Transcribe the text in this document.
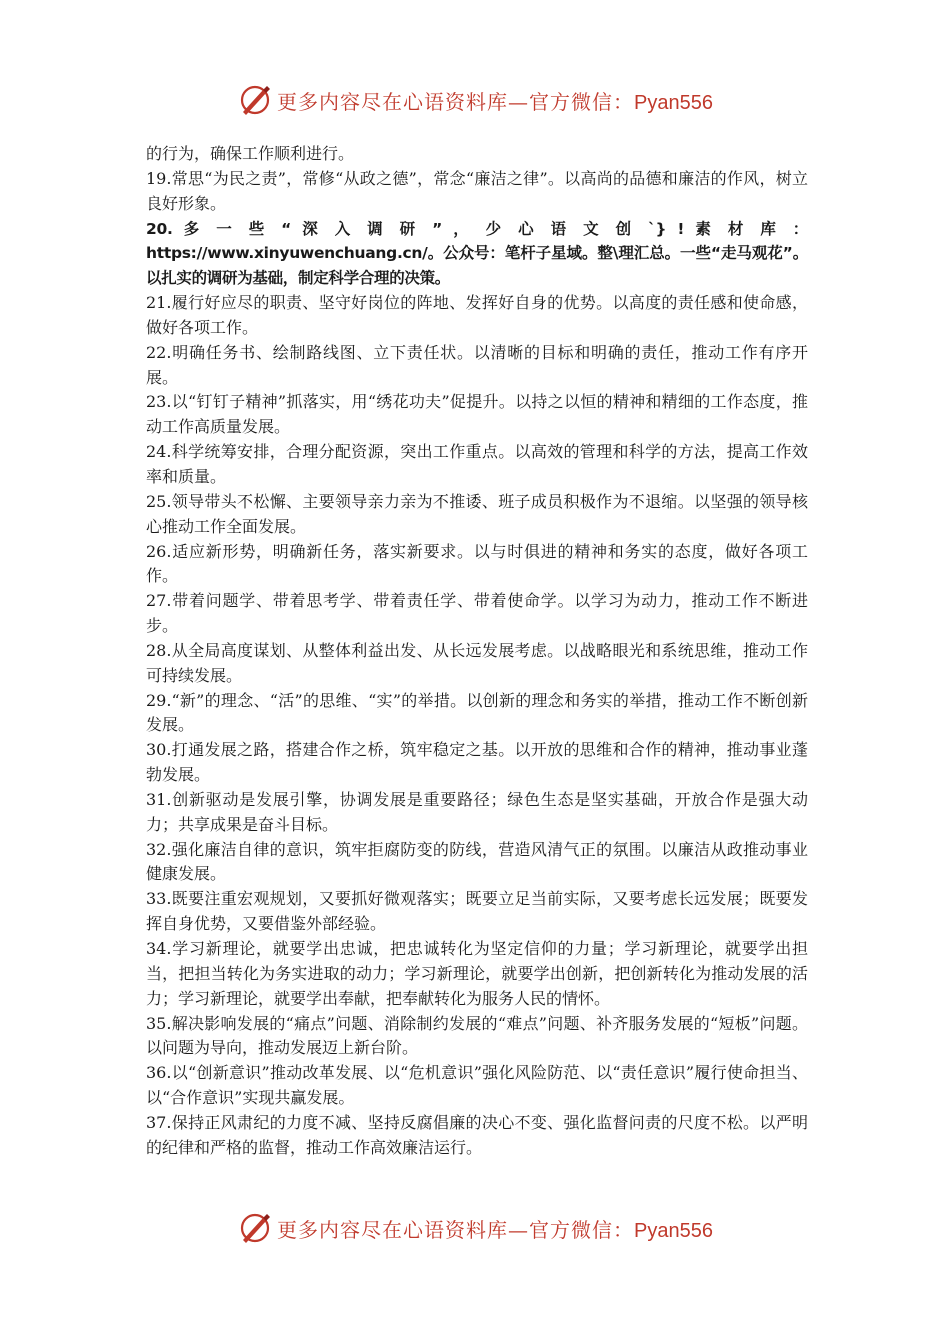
更多内容尽在心语资料库—官方微信：Pyan556

的行为，确保工作顺利进行。

19.常思“为民之责”，常修“从政之德”，常念“廉洁之律”。以高尚的品德和廉洁的作风，树立良好形象。

20. 多 一 些 “ 深 入 调 研 ” ， 少 心 语 文 创 `} ! 素 材 库 ： https://www.xinyuwenchuang.cn/。公众号：笔杆子星域。整\理汇总。一些“走马观花”。以扎实的调研为基础，制定科学合理的决策。

21.履行好应尽的职责、坚守好岗位的阵地、发挥好自身的优势。以高度的责任感和使命感，做好各项工作。

22.明确任务书、绘制路线图、立下责任状。以清晰的目标和明确的责任，推动工作有序开展。

23.以“钉钉子精神”抓落实，用“绣花功夫”促提升。以持之以恒的精神和精细的工作态度，推动工作高质量发展。

24.科学统筹安排，合理分配资源，突出工作重点。以高效的管理和科学的方法，提高工作效率和质量。

25.领导带头不松懈、主要领导亲力亲为不推诿、班子成员积极作为不退缩。以坚强的领导核心推动工作全面发展。

26.适应新形势，明确新任务，落实新要求。以与时俱进的精神和务实的态度，做好各项工作。

27.带着问题学、带着思考学、带着责任学、带着使命学。以学习为动力，推动工作不断进步。

28.从全局高度谋划、从整体利益出发、从长远发展考虑。以战略眼光和系统思维，推动工作可持续发展。

29.“新”的理念、“活”的思维、“实”的举措。以创新的理念和务实的举措，推动工作不断创新发展。

30.打通发展之路，搭建合作之桥，筑牢稳定之基。以开放的思维和合作的精神，推动事业蓬勃发展。

31.创新驱动是发展引擎，协调发展是重要路径；绿色生态是坚实基础，开放合作是强大动力；共享成果是奋斗目标。

32.强化廉洁自律的意识，筑牢拒腐防变的防线，营造风清气正的氛围。以廉洁从政推动事业健康发展。

33.既要注重宏观规划，又要抓好微观落实；既要立足当前实际，又要考虑长远发展；既要发挥自身优势，又要借鉴外部经验。

34.学习新理论，就要学出忠诚，把忠诚转化为坚定信仰的力量；学习新理论，就要学出担当，把担当转化为务实进取的动力；学习新理论，就要学出创新，把创新转化为推动发展的活力；学习新理论，就要学出奉献，把奉献转化为服务人民的情怀。

35.解决影响发展的“痛点”问题、消除制约发展的“难点”问题、补齐服务发展的“短板”问题。以问题为导向，推动发展迈上新台阶。

36.以“创新意识”推动改革发展、以“危机意识”强化风险防范、以“责任意识”履行使命担当、以“合作意识”实现共赢发展。

37.保持正风肃纪的力度不减、坚持反腐倡廉的决心不变、强化监督问责的尺度不松。以严明的纪律和严格的监督，推动工作高效廉洁运行。

更多内容尽在心语资料库—官方微信：Pyan556
